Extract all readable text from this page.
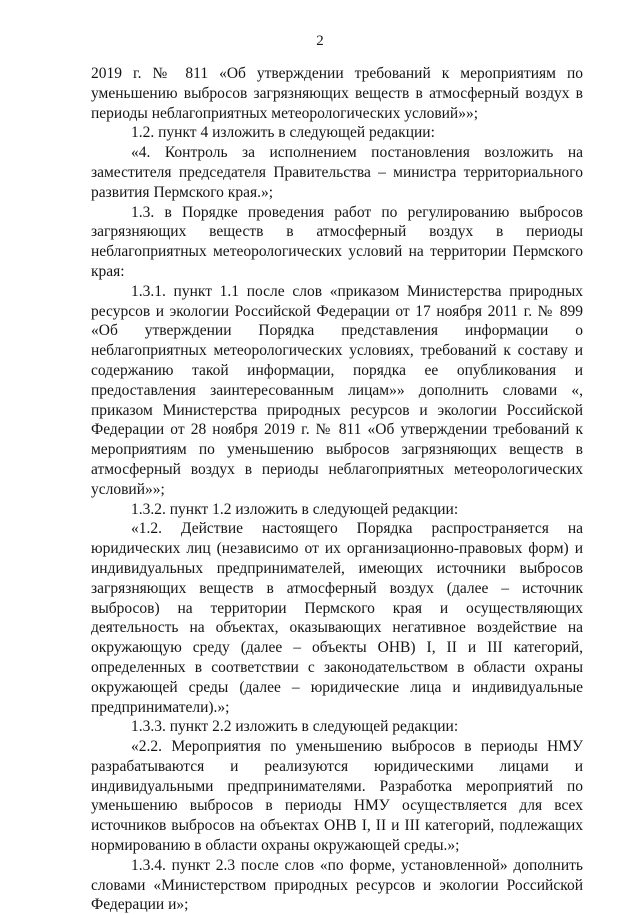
2

2019 г. № 811 «Об утверждении требований к мероприятиям по уменьшению выбросов загрязняющих веществ в атмосферный воздух в периоды неблагоприятных метеорологических условий»»;

1.2. пункт 4 изложить в следующей редакции:

«4. Контроль за исполнением постановления возложить на заместителя председателя Правительства – министра территориального развития Пермского края.»;

1.3. в Порядке проведения работ по регулированию выбросов загрязняющих веществ в атмосферный воздух в периоды неблагоприятных метеорологических условий на территории Пермского края:

1.3.1. пункт 1.1 после слов «приказом Министерства природных ресурсов и экологии Российской Федерации от 17 ноября 2011 г. № 899 «Об утверждении Порядка представления информации о неблагоприятных метеорологических условиях, требований к составу и содержанию такой информации, порядка ее опубликования и предоставления заинтересованным лицам»» дополнить словами «, приказом Министерства природных ресурсов и экологии Российской Федерации от 28 ноября 2019 г. № 811 «Об утверждении требований к мероприятиям по уменьшению выбросов загрязняющих веществ в атмосферный воздух в периоды неблагоприятных метеорологических условий»»;

1.3.2. пункт 1.2 изложить в следующей редакции:

«1.2. Действие настоящего Порядка распространяется на юридических лиц (независимо от их организационно-правовых форм) и индивидуальных предпринимателей, имеющих источники выбросов загрязняющих веществ в атмосферный воздух (далее – источник выбросов) на территории Пермского края и осуществляющих деятельность на объектах, оказывающих негативное воздействие на окружающую среду (далее – объекты ОНВ) I, II и III категорий, определенных в соответствии с законодательством в области охраны окружающей среды (далее – юридические лица и индивидуальные предприниматели).»;

1.3.3. пункт 2.2 изложить в следующей редакции:

«2.2. Мероприятия по уменьшению выбросов в периоды НМУ разрабатываются и реализуются юридическими лицами и индивидуальными предпринимателями. Разработка мероприятий по уменьшению выбросов в периоды НМУ осуществляется для всех источников выбросов на объектах ОНВ I, II и III категорий, подлежащих нормированию в области охраны окружающей среды.»;

1.3.4. пункт 2.3 после слов «по форме, установленной» дополнить словами «Министерством природных ресурсов и экологии Российской Федерации и»;
